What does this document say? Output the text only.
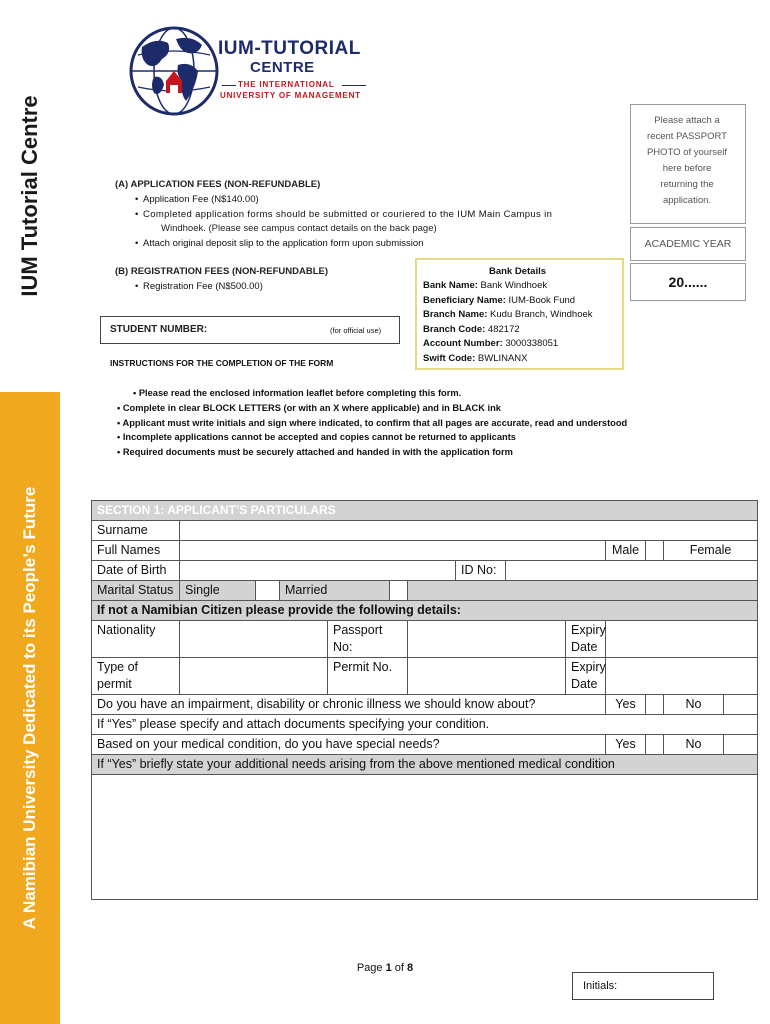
IUM Tutorial Centre
A Namibian University Dedicated to its People’s Future
IUM-TUTORIAL
CENTRE
THE INTERNATIONAL
UNIVERSITY OF MANAGEMENT
Please attach a
recent PASSPORT
PHOTO of yourself
here before
returning the
application.
ACADEMIC YEAR
20......
(A) APPLICATION FEES (NON-REFUNDABLE)
• Application Fee (N$140.00)
• Completed application forms should be submitted or couriered to the IUM Main Campus in
Windhoek. (Please see campus contact details on the back page)
• Attach original deposit slip to the application form upon submission
(B) REGISTRATION FEES (NON-REFUNDABLE)
• Registration Fee (N$500.00)
Bank Details
Bank Name: Bank Windhoek
Beneficiary Name: IUM-Book Fund
Branch Name: Kudu Branch, Windhoek
Branch Code: 482172
Account Number: 3000338051
Swift Code: BWLINANX
STUDENT NUMBER:	(for official use)
INSTRUCTIONS FOR THE COMPLETION OF THE FORM
• Please read the enclosed information leaflet before completing this form.
• Complete in clear BLOCK LETTERS (or with an X where applicable) and in BLACK ink
• Applicant must write initials and sign where indicated, to confirm that all pages are accurate, read and understood
• Incomplete applications cannot be accepted and copies cannot be returned to applicants
• Required documents must be securely attached and handed in with the application form
SECTION 1: APPLICANT’S PARTICULARS													
Surname													
Full Names										Male		Female	
Date of Birth							ID No:						
Marital Status	Single		Married										
If not a Namibian Citizen please provide the following details:													
Nationality				Passport No:					Expiry Date				
Type of permit				Permit No.					Expiry Date				
Do you have an impairment, disability or chronic illness we should know about?										Yes		No	
If “Yes” please specify and attach documents specifying your condition.													
Based on your medical condition, do you have special needs?										Yes		No	
If “Yes” briefly state your additional needs arising from the above mentioned medical condition													

Page 1 of 8
Initials:
